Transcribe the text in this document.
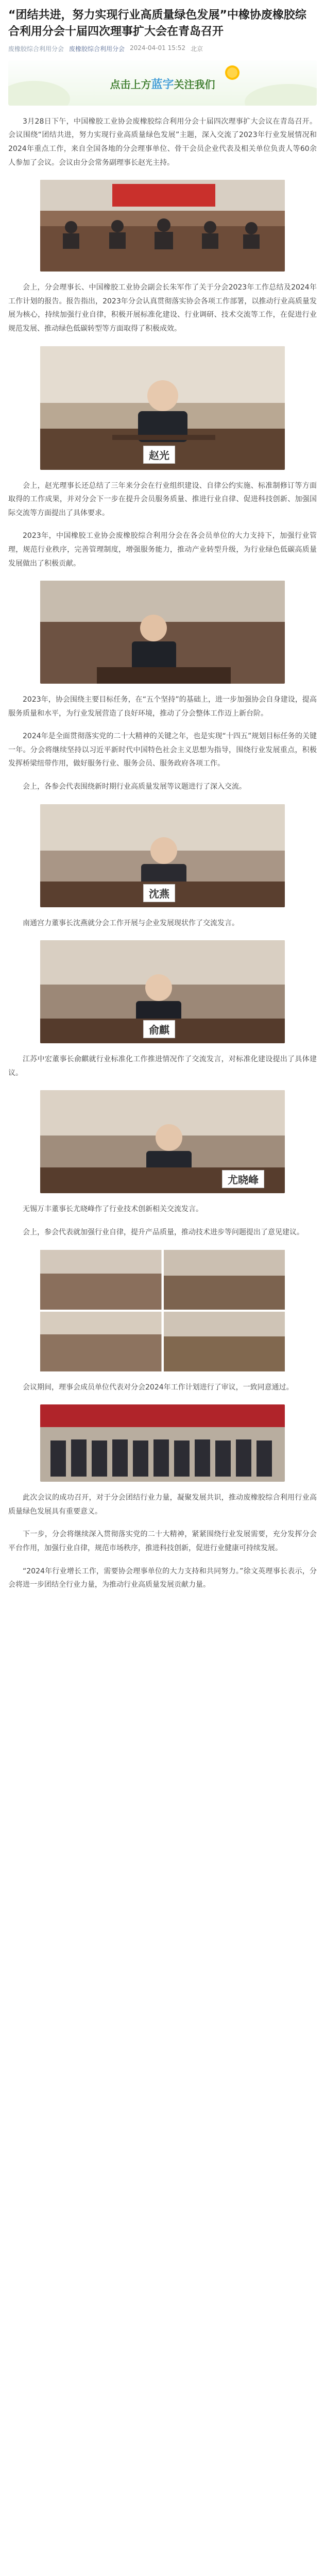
“团结共进，努力实现行业高质量绿色发展”中橡协废橡胶综合利用分会十届四次理事扩大会在青岛召开
废橡胶综合利用分会 废橡胶综合利用分会 2024-04-01 15:52 北京
点击上方蓝字关注我们

3月28日下午，中国橡胶工业协会废橡胶综合利用分会十届四次理事扩大会议在青岛召开。会议围绕“团结共进，努力实现行业高质量绿色发展”主题，深入交流了2023年行业发展情况和2024年重点工作，来自全国各地的分会理事单位、骨干会员企业代表及相关单位负责人等60余人参加了会议。会议由分会常务副理事长赵光主持。

会上，分会理事长、中国橡胶工业协会副会长朱军作了关于分会2023年工作总结及2024年工作计划的报告。报告指出，2023年分会认真贯彻落实协会各项工作部署，以推动行业高质量发展为核心，持续加强行业自律，积极开展标准化建设、行业调研、技术交流等工作，在促进行业规范发展、推动绿色低碳转型等方面取得了积极成效。

赵光

会上，赵光理事长还总结了三年来分会在行业组织建设、自律公约实施、标准制修订等方面取得的工作成果，并对分会下一步在提升会员服务质量、推进行业自律、促进科技创新、加强国际交流等方面提出了具体要求。

2023年，中国橡胶工业协会废橡胶综合利用分会在各会员单位的大力支持下，加强行业管理，规范行业秩序，完善管理制度，增强服务能力，推动产业转型升级，为行业绿色低碳高质量发展做出了积极贡献。

2023年，协会围绕主要目标任务，在“五个坚持”的基础上，进一步加强协会自身建设，提高服务质量和水平，为行业发展营造了良好环境，推动了分会整体工作迈上新台阶。

2024年是全面贯彻落实党的二十大精神的关键之年，也是实现“十四五”规划目标任务的关键一年。分会将继续坚持以习近平新时代中国特色社会主义思想为指导，围绕行业发展重点，积极发挥桥梁纽带作用，做好服务行业、服务会员、服务政府各项工作。

会上，各参会代表围绕新时期行业高质量发展等议题进行了深入交流。

沈燕

南通宫力董事长沈燕就分会工作开展与企业发展现状作了交流发言。

俞麒

江苏中宏董事长俞麒就行业标准化工作推进情况作了交流发言，对标准化建设提出了具体建议。

尤晓峰

无锡万丰董事长尤晓峰作了行业技术创新相关交流发言。

会上，参会代表就加强行业自律，提升产品质量，推动技术进步等问题提出了意见建议。

会议期间，理事会成员单位代表对分会2024年工作计划进行了审议，一致同意通过。

此次会议的成功召开，对于分会团结行业力量，凝聚发展共识，推动废橡胶综合利用行业高质量绿色发展具有重要意义。

下一步，分会将继续深入贯彻落实党的二十大精神，紧紧围绕行业发展需要，充分发挥分会平台作用，加强行业自律，规范市场秩序，推进科技创新，促进行业健康可持续发展。

“2024年行业增长工作，需要协会理事单位的大力支持和共同努力。”徐文英理事长表示，分会将进一步团结全行业力量，为推动行业高质量发展贡献力量。
